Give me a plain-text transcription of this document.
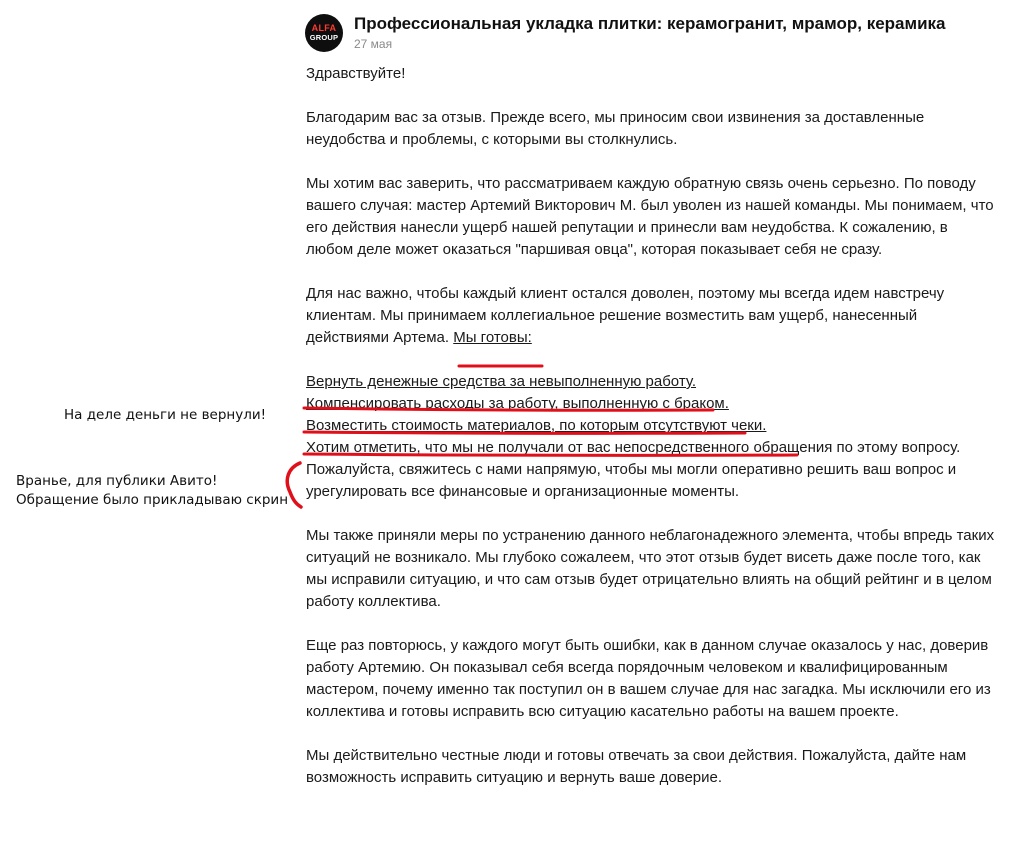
ALFA
GROUP
Профессиональная укладка плитки: керамогранит, мрамор, керамика
27 мая

Здравствуйте!

Благодарим вас за отзыв. Прежде всего, мы приносим свои извинения за доставленные неудобства и проблемы, с которыми вы столкнулись.

Мы хотим вас заверить, что рассматриваем каждую обратную связь очень серьезно. По поводу вашего случая: мастер Артемий Викторович М. был уволен из нашей команды. Мы понимаем, что его действия нанесли ущерб нашей репутации и принесли вам неудобства. К сожалению, в любом деле может оказаться "паршивая овца", которая показывает себя не сразу.

Для нас важно, чтобы каждый клиент остался доволен, поэтому мы всегда идем навстречу клиентам. Мы принимаем коллегиальное решение возместить вам ущерб, нанесенный действиями Артема. Мы готовы:

Вернуть денежные средства за невыполненную работу.

Компенсировать расходы за работу, выполненную с браком.

Возместить стоимость материалов, по которым отсутствуют чеки.

Хотим отметить, что мы не получали от вас непосредственного обращения по этому вопросу. Пожалуйста, свяжитесь с нами напрямую, чтобы мы могли оперативно решить ваш вопрос и урегулировать все финансовые и организационные моменты.

Мы также приняли меры по устранению данного неблагонадежного элемента, чтобы впредь таких ситуаций не возникало. Мы глубоко сожалеем, что этот отзыв будет висеть даже после того, как мы исправили ситуацию, и что сам отзыв будет отрицательно влиять на общий рейтинг и в целом работу коллектива.

Еще раз повторюсь, у каждого могут быть ошибки, как в данном случае оказалось у нас, доверив работу Артемию. Он показывал себя всегда порядочным человеком и квалифицированным мастером, почему именно так поступил он в вашем случае для нас загадка. Мы исключили его из коллектива и готовы исправить всю ситуацию касательно работы на вашем проекте.

Мы действительно честные люди и готовы отвечать за свои действия. Пожалуйста, дайте нам возможность исправить ситуацию и вернуть ваше доверие.

На деле деньги не вернули!
Вранье, для публики Авито!
Обращение было прикладываю скрин
